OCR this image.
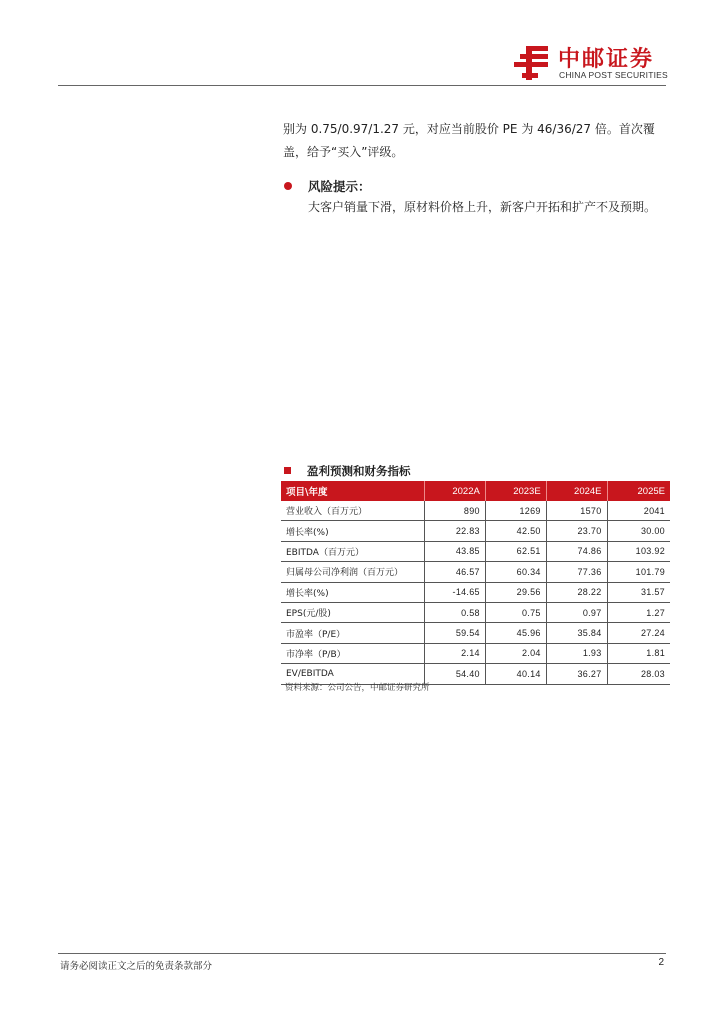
中邮证券
CHINA POST SECURITIES
别为 0.75/0.97/1.27 元，对应当前股价 PE 为 46/36/27 倍。首次覆
盖，给予“买入”评级。
风险提示：
大客户销量下滑，原材料价格上升，新客户开拓和扩产不及预期。
盈利预测和财务指标
项目\年度	2022A	2023E	2024E	2025E
营业收入（百万元）	890	1269	1570	2041
增长率(%)	22.83	42.50	23.70	30.00
EBITDA（百万元）	43.85	62.51	74.86	103.92
归属母公司净利润（百万元）	46.57	60.34	77.36	101.79
增长率(%)	-14.65	29.56	28.22	31.57
EPS(元/股)	0.58	0.75	0.97	1.27
市盈率（P/E）	59.54	45.96	35.84	27.24
市净率（P/B）	2.14	2.04	1.93	1.81
EV/EBITDA	54.40	40.14	36.27	28.03
资料来源：公司公告，中邮证券研究所
请务必阅读正文之后的免责条款部分	2
